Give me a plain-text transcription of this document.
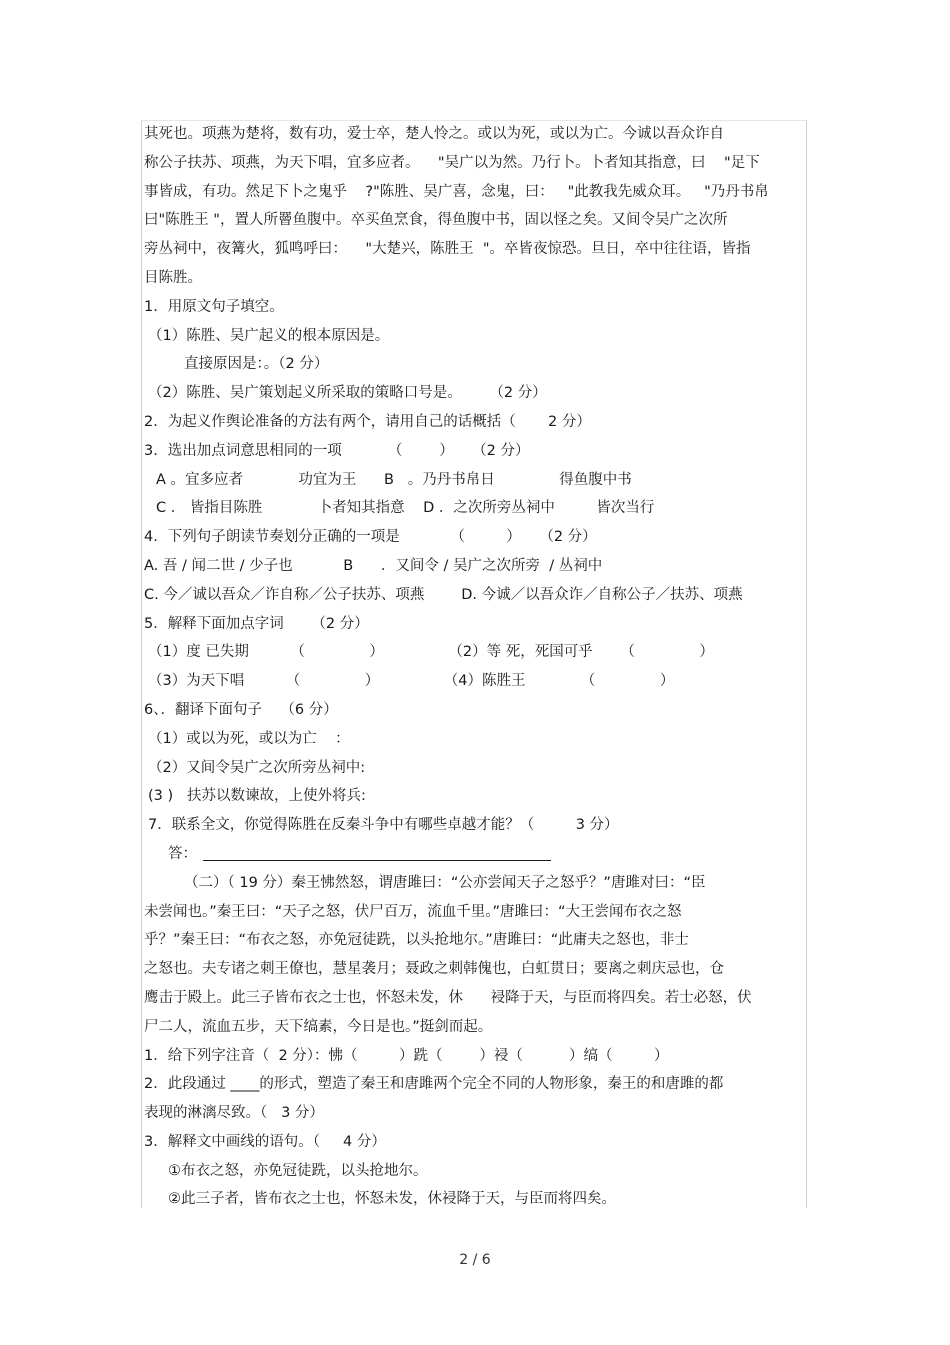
其死也。项燕为楚将，数有功，爱士卒，楚人怜之。或以为死，或以为亡。今诚以吾众诈自
称公子扶苏、项燕，为天下唱，宜多应者。    "吴广以为然。乃行卜。卜者知其指意，曰    "足下
事皆成，有功。然足下卜之鬼乎    ?"陈胜、吴广喜，念鬼，曰：   "此教我先威众耳。   "乃丹书帛
曰"陈胜王 "，置人所罾鱼腹中。卒买鱼烹食，得鱼腹中书，固以怪之矣。又间令吴广之次所
旁丛祠中，夜篝火，狐鸣呼曰：    "大楚兴，陈胜王  "。卒皆夜惊恐。旦日，卒中往往语，皆指
目陈胜。
1．用原文句子填空。
（1）陈胜、吴广起义的根本原因是。
直接原因是：。（2 分）
（2）陈胜、吴广策划起义所采取的策略口号是。      （2 分）
2．为起义作舆论准备的方法有两个，请用自己的话概括（       2 分）
3．选出加点词意思相同的一项          （        ）    （2 分）
A 。宜多应者            功宜为王      B   。乃丹书帛日              得鱼腹中书
C ． 皆指目陈胜            卜者知其指意    D ．之次所旁丛祠中         皆次当行
4．下列句子朗读节奏划分正确的一项是           （         ）    （2 分）
A. 吾 / 闻二世 / 少子也           B      ．又间令 / 吴广之次所旁  / 丛祠中
C. 今／诚以吾众／诈自称／公子扶苏、项燕        D. 今诚／以吾众诈／自称公子／扶苏、项燕
5．解释下面加点字词      （2 分）
（1）度 已失期         （              ）              （2）等 死，死国可乎      （              ）
（3）为天下唱         （              ）              （4）陈胜王            （              ）
6、．翻译下面句子    （6 分）
（1）或以为死，或以为亡    ：
（2）又间令吴广之次所旁丛祠中:
(3 )   扶苏以数谏故，上使外将兵:
7．联系全文，你觉得陈胜在反秦斗争中有哪些卓越才能？（         3 分）
答：
（二）（ 19 分）秦王怫然怒，谓唐雎曰：“公亦尝闻天子之怒乎？”唐雎对曰：“臣
未尝闻也。”秦王曰：“天子之怒，伏尸百万，流血千里。”唐雎曰：“大王尝闻布衣之怒
乎？”秦王曰：“布衣之怒，亦免冠徒跣，以头抢地尔。”唐雎曰：“此庸夫之怒也，非士
之怒也。夫专诸之刺王僚也，慧星袭月；聂政之刺韩傀也，白虹贯日；要离之刺庆忌也，仓
鹰击于殿上。此三子皆布衣之士也，怀怒未发，休      祲降于天，与臣而将四矣。若士必怒，伏
尸二人，流血五步，天下缟素，今日是也。”挺剑而起。
1．给下列字注音（  2 分）：怫（         ）跣（        ）祲（          ）缟（         ）
2．此段通过 ____的形式，塑造了秦王和唐雎两个完全不同的人物形象，秦王的和唐雎的都
表现的淋漓尽致。（   3 分）
3．解释文中画线的语句。（     4 分）
①布衣之怒，亦免冠徒跣，以头抢地尔。
②此三子者，皆布衣之士也，怀怒未发，休祲降于天，与臣而将四矣。
2 / 6
